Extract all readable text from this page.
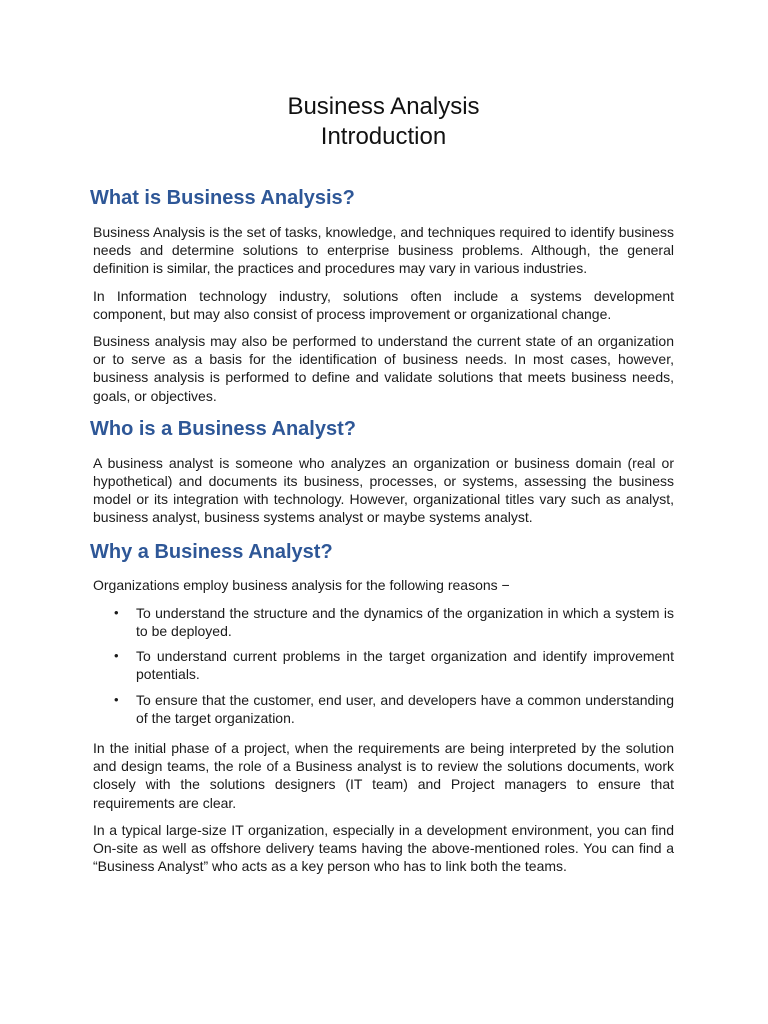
Business Analysis
Introduction
What is Business Analysis?

Business Analysis is the set of tasks, knowledge, and techniques required to identify business needs and determine solutions to enterprise business problems. Although, the general definition is similar, the practices and procedures may vary in various industries.

In Information technology industry, solutions often include a systems development component, but may also consist of process improvement or organizational change.

Business analysis may also be performed to understand the current state of an organization or to serve as a basis for the identification of business needs. In most cases, however, business analysis is performed to define and validate solutions that meets business needs, goals, or objectives.

Who is a Business Analyst?

A business analyst is someone who analyzes an organization or business domain (real or hypothetical) and documents its business, processes, or systems, assessing the business model or its integration with technology. However, organizational titles vary such as analyst, business analyst, business systems analyst or maybe systems analyst.

Why a Business Analyst?

Organizations employ business analysis for the following reasons −

• To understand the structure and the dynamics of the organization in which a system is to be deployed.
• To understand current problems in the target organization and identify improvement potentials.
• To ensure that the customer, end user, and developers have a common understanding of the target organization.

In the initial phase of a project, when the requirements are being interpreted by the solution and design teams, the role of a Business analyst is to review the solutions documents, work closely with the solutions designers (IT team) and Project managers to ensure that requirements are clear.

In a typical large-size IT organization, especially in a development environment, you can find On-site as well as offshore delivery teams having the above-mentioned roles. You can find a “Business Analyst” who acts as a key person who has to link both the teams.
